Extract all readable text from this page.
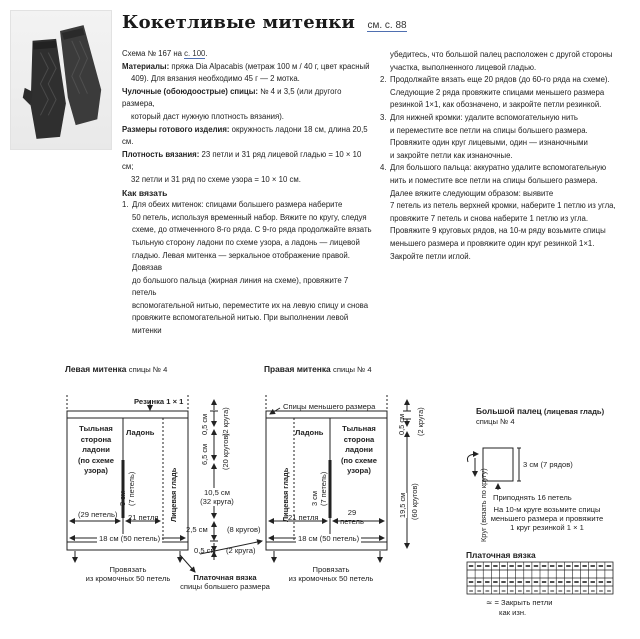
Кокетливые митенки см. с. 88

Схема № 167 на с. 100.

Материалы: пряжа Dia Alpacabis (метраж 100 м / 40 г, цвет красный

409). Для вязания необходимо 45 г — 2 мотка.

Чулочные (обоюдоострые) спицы: № 4 и 3,5 (или другого размера,

который даст нужную плотность вязания).

Размеры готового изделия: окружность ладони 18 см, длина 20,5 см.

Плотность вязания: 23 петли и 31 ряд лицевой гладью = 10 × 10 см;

32 петли и 31 ряд по схеме узора = 10 × 10 см.

Как вязать

1. Для обеих митенок: спицами большего размера наберите

50 петель, используя временный набор. Вяжите по кругу, следуя

схеме, до отмеченного 8-го ряда. С 9-го ряда продолжайте вязать

тыльную сторону ладони по схеме узора, а ладонь — лицевой

гладью. Левая митенка — зеркальное отображение правой. Довязав

до большого пальца (жирная линия на схеме), провяжите 7 петель

вспомогательной нитью, переместите их на левую спицу и снова

провяжите вспомогательной нитью. При выполнении левой митенки

убедитесь, что большой палец расположен с другой стороны

участка, выполненного лицевой гладью.

2. Продолжайте вязать еще 20 рядов (до 60-го ряда на схеме).

Следующие 2 ряда провяжите спицами меньшего размера

резинкой 1×1, как обозначено, и закройте петли резинкой.

3. Для нижней кромки: удалите вспомогательную нить

и переместите все петли на спицы большего размера.

Провяжите один круг лицевыми, один — изнаночными

и закройте петли как изнаночные.

4. Для большого пальца: аккуратно удалите вспомогательную

нить и поместите все петли на спицы большего размера.

Далее вяжите следующим образом: выявите

7 петель из петель верхней кромки, наберите 1 петлю из угла,

провяжите 7 петель и снова наберите 1 петлю из угла.

Провяжите 9 круговых рядов, на 10-м ряду возьмите спицы

меньшего размера и провяжите один круг резинкой 1×1.

Закройте петли иглой.

≃ ≃ ≃ ≃ ≃ ≃ ≃ ≃ ≃ ≃ ≃ ≃ ≃ ≃ ≃ ≃ ≃ ≃
Левая митенка спицы № 4
Резинка 1 × 1
Тыльная
сторона
ладони
(по схеме
узора)
Ладонь
Лицевая гладь
3 см (7 петель)
(29 петель) 21 петля
18 см (50 петель)
Провязать
из кромочных 50 петель
0,5 см (2 круга)
6,5 см (20 кругов)
10,5 см
(32 круга)
2,5 см	(8 кругов)
0,5 см (2 круга)
Платочная вязка
спицы большего размера
Правая митенка спицы № 4
Спицы меньшего размера
Ладонь	Тыльная
сторона
ладони
(по схеме
узора)
Лицевая гладь	3 см (7 петель)
21 петля
29
петель
18 см (50 петель)
Провязать
из кромочных 50 петель
0,5 см (2 круга)
19,5 см (60 кругов)
Большой палец (лицевая гладь)
спицы № 4
3 см (7 рядов)
Приподнять 16 петель
Круг (вязать по кругу) На 10-м круге возьмите спицы
меньшего размера и провяжите
1 круг резинкой 1 × 1
Платочная вязка
≃ = Закрыть петли
как изн.
